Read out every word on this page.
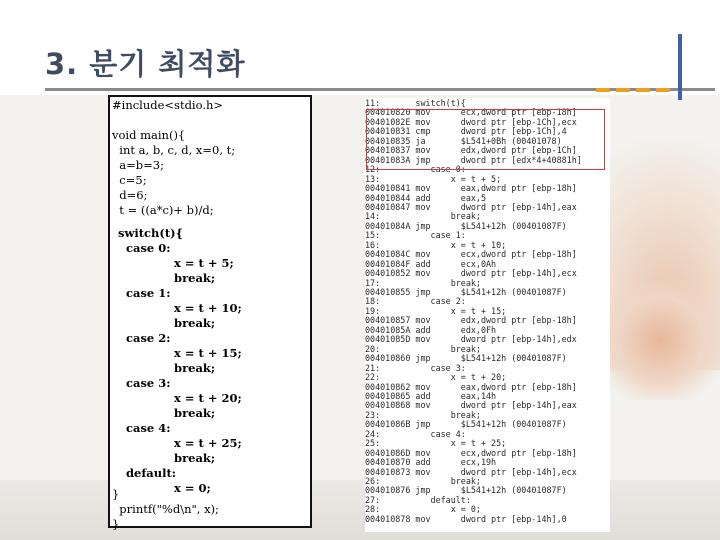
3. 분기 최적화
#include<stdio.h>

void main(){
int a, b, c, d, x=0, t;
a=b=3;
c=5;
d=6;
t = ((a*c)+ b)/d;
switch(t){
case 0:
x = t + 5;
break;
case 1:
x = t + 10;
break;
case 2:
x = t + 15;
break;
case 3:
x = t + 20;
break;
case 4:
x = t + 25;
break;
default:
x = 0;
}
printf("%d\n", x);
}
11:       switch(t){
004010820 mov      ecx,dword ptr [ebp-18h]
00401082E mov      dword ptr [ebp-1Ch],ecx
004010831 cmp      dword ptr [ebp-1Ch],4
004010835 ja       $L541+0Bh (00401078)
004010837 mov      edx,dword ptr [ebp-1Ch]
00401083A jmp      dword ptr [edx*4+40881h]
12:          case 0:
13:              x = t + 5;
004010841 mov      eax,dword ptr [ebp-18h]
004010844 add      eax,5
004010847 mov      dword ptr [ebp-14h],eax
14:              break;
00401084A jmp      $L541+12h (00401087F)
15:          case 1:
16:              x = t + 10;
00401084C mov      ecx,dword ptr [ebp-18h]
00401084F add      ecx,0Ah
004010852 mov      dword ptr [ebp-14h],ecx
17:              break;
004010855 jmp      $L541+12h (00401087F)
18:          case 2:
19:              x = t + 15;
004010857 mov      edx,dword ptr [ebp-18h]
00401085A add      edx,0Fh
00401085D mov      dword ptr [ebp-14h],edx
20:              break;
004010860 jmp      $L541+12h (00401087F)
21:          case 3:
22:              x = t + 20;
004010862 mov      eax,dword ptr [ebp-18h]
004010865 add      eax,14h
004010868 mov      dword ptr [ebp-14h],eax
23:              break;
00401086B jmp      $L541+12h (00401087F)
24:          case 4:
25:              x = t + 25;
00401086D mov      ecx,dword ptr [ebp-18h]
004010870 add      ecx,19h
004010873 mov      dword ptr [ebp-14h],ecx
26:              break;
004010876 jmp      $L541+12h (00401087F)
27:          default:
28:              x = 0;
004010878 mov      dword ptr [ebp-14h],0
